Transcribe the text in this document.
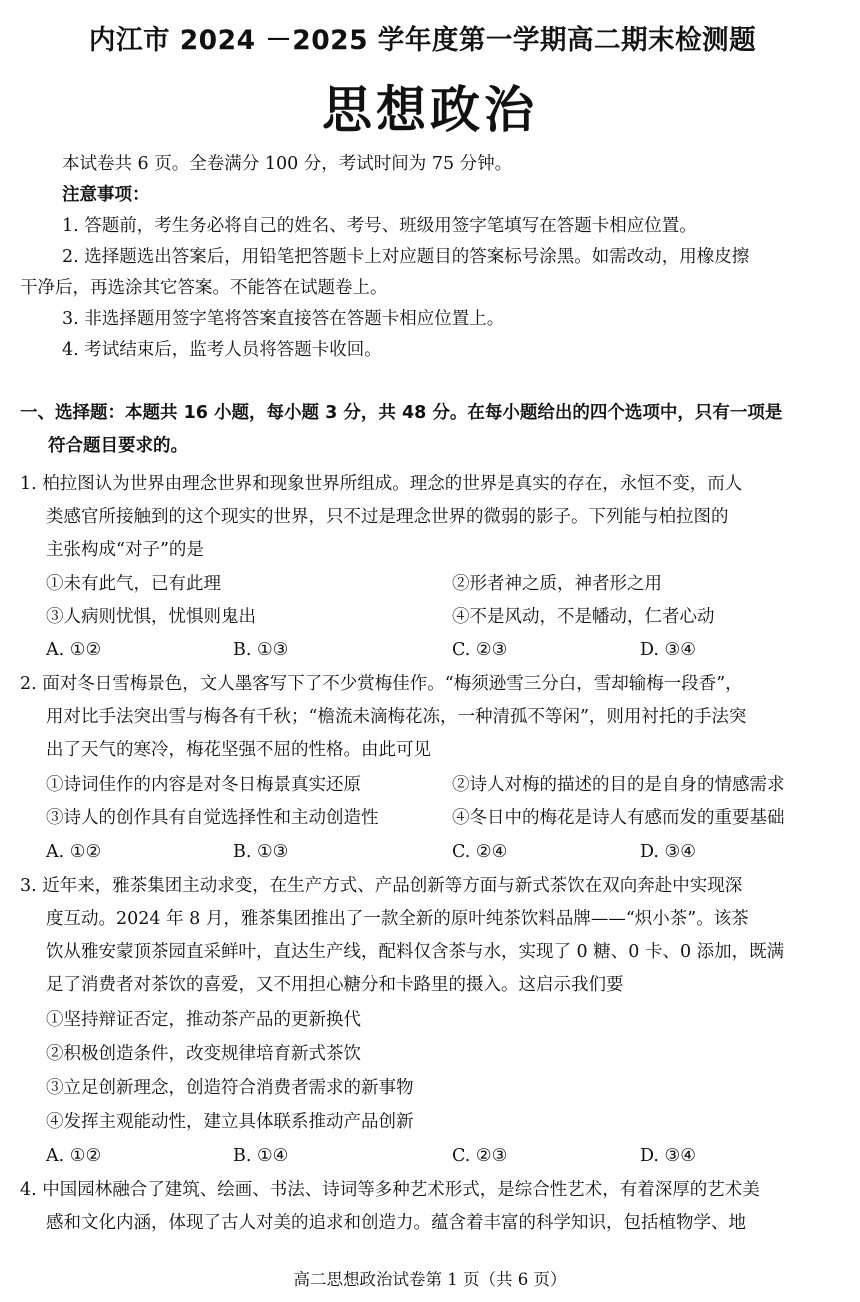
内江市 2024 －2025 学年度第一学期高二期末检测题
思想政治
本试卷共 6 页。全卷满分 100 分，考试时间为 75 分钟。
注意事项：
1. 答题前，考生务必将自己的姓名、考号、班级用签字笔填写在答题卡相应位置。
2. 选择题选出答案后，用铅笔把答题卡上对应题目的答案标号涂黑。如需改动，用橡皮擦
干净后，再选涂其它答案。不能答在试题卷上。
3. 非选择题用签字笔将答案直接答在答题卡相应位置上。
4. 考试结束后，监考人员将答题卡收回。
一、选择题：本题共 16 小题，每小题 3 分，共 48 分。在每小题给出的四个选项中，只有一项是
符合题目要求的。
1. 柏拉图认为世界由理念世界和现象世界所组成。理念的世界是真实的存在，永恒不变，而人
类感官所接触到的这个现实的世界，只不过是理念世界的微弱的影子。下列能与柏拉图的
主张构成“对子”的是
①未有此气，已有此理	②形者神之质，神者形之用
③人病则忧惧，忧惧则鬼出	④不是风动，不是幡动，仁者心动
A. ①②	B. ①③	C. ②③	D. ③④
2. 面对冬日雪梅景色，文人墨客写下了不少赏梅佳作。“梅须逊雪三分白，雪却输梅一段香”，
用对比手法突出雪与梅各有千秋；“檐流未滴梅花冻，一种清孤不等闲”，则用衬托的手法突
出了天气的寒冷，梅花坚强不屈的性格。由此可见
①诗词佳作的内容是对冬日梅景真实还原	②诗人对梅的描述的目的是自身的情感需求
③诗人的创作具有自觉选择性和主动创造性	④冬日中的梅花是诗人有感而发的重要基础
A. ①②	B. ①③	C. ②④	D. ③④
3. 近年来，雅茶集团主动求变，在生产方式、产品创新等方面与新式茶饮在双向奔赴中实现深
度互动。2024 年 8 月，雅茶集团推出了一款全新的原叶纯茶饮料品牌——“炽小茶”。该茶
饮从雅安蒙顶茶园直采鲜叶，直达生产线，配料仅含茶与水，实现了 0 糖、0 卡、0 添加，既满
足了消费者对茶饮的喜爱，又不用担心糖分和卡路里的摄入。这启示我们要
①坚持辩证否定，推动茶产品的更新换代
②积极创造条件，改变规律培育新式茶饮
③立足创新理念，创造符合消费者需求的新事物
④发挥主观能动性，建立具体联系推动产品创新
A. ①②	B. ①④	C. ②③	D. ③④
4. 中国园林融合了建筑、绘画、书法、诗词等多种艺术形式，是综合性艺术，有着深厚的艺术美
感和文化内涵，体现了古人对美的追求和创造力。蕴含着丰富的科学知识，包括植物学、地
高二思想政治试卷第 1 页（共 6 页）
